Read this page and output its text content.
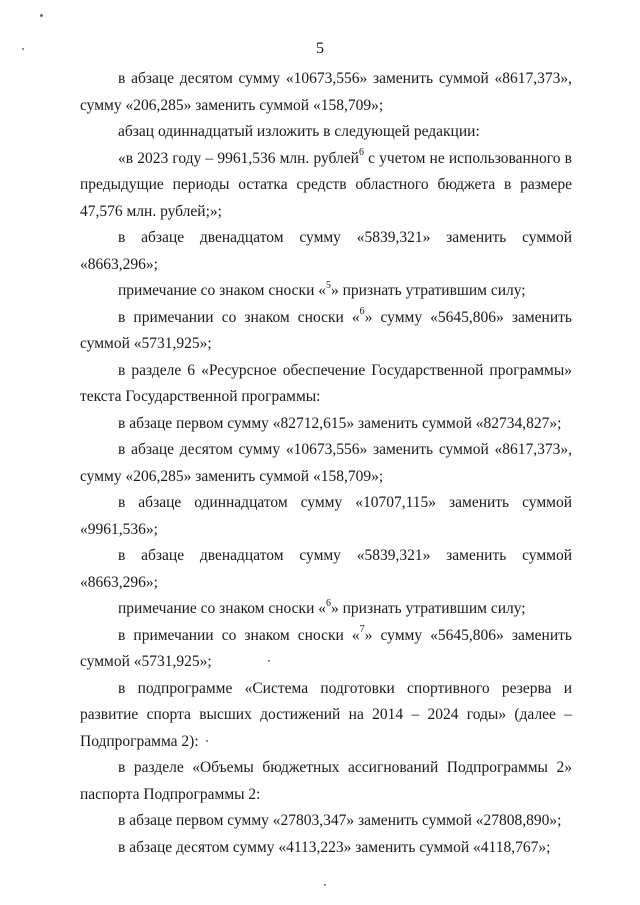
5

в абзаце десятом сумму «10673,556» заменить суммой «8617,373», сумму «206,285» заменить суммой «158,709»;

абзац одиннадцатый изложить в следующей редакции:

«в 2023 году – 9961,536 млн. рублей$^6$ с учетом не использованного в предыдущие периоды остатка средств областного бюджета в размере 47,576 млн. рублей;»;

в абзаце двенадцатом сумму «5839,321» заменить суммой «8663,296»;

примечание со знаком сноски «$^5$» признать утратившим силу;

в примечании со знаком сноски «$^6$» сумму «5645,806» заменить суммой «5731,925»;

в разделе 6 «Ресурсное обеспечение Государственной программы» текста Государственной программы:

в абзаце первом сумму «82712,615» заменить суммой «82734,827»;

в абзаце десятом сумму «10673,556» заменить суммой «8617,373», сумму «206,285» заменить суммой «158,709»;

в абзаце одиннадцатом сумму «10707,115» заменить суммой «9961,536»;

в абзаце двенадцатом сумму «5839,321» заменить суммой «8663,296»;

примечание со знаком сноски «$^6$» признать утратившим силу;

в примечании со знаком сноски «$^7$» сумму «5645,806» заменить суммой «5731,925»;

в подпрограмме «Система подготовки спортивного резерва и развитие спорта высших достижений на 2014 – 2024 годы» (далее – Подпрограмма 2):

в разделе «Объемы бюджетных ассигнований Подпрограммы 2» паспорта Подпрограммы 2:

в абзаце первом сумму «27803,347» заменить суммой «27808,890»;

в абзаце десятом сумму «4113,223» заменить суммой «4118,767»;
